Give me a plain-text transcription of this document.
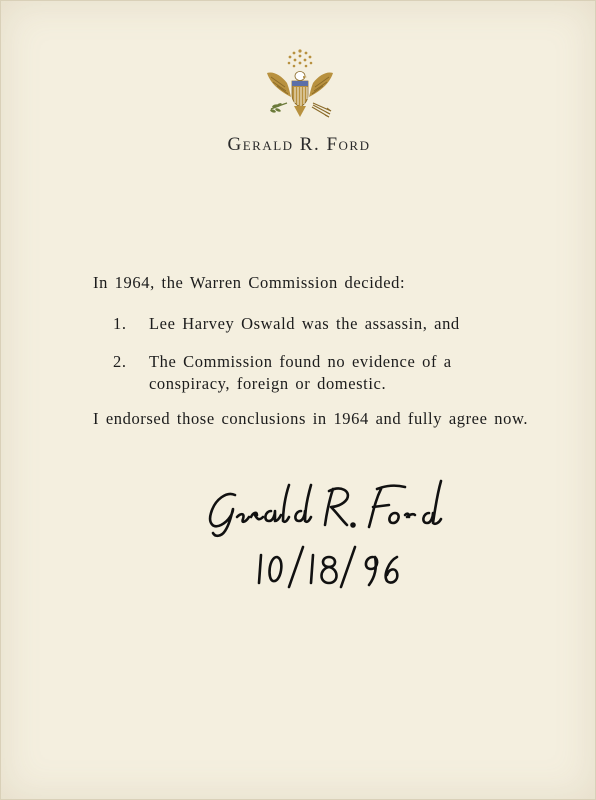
Gerald R. Ford
In 1964, the Warren Commission decided:
1.	Lee Harvey Oswald was the assassin, and
2.	The Commission found no evidence of a conspiracy, foreign or domestic.
I endorsed those conclusions in 1964 and fully agree now.
